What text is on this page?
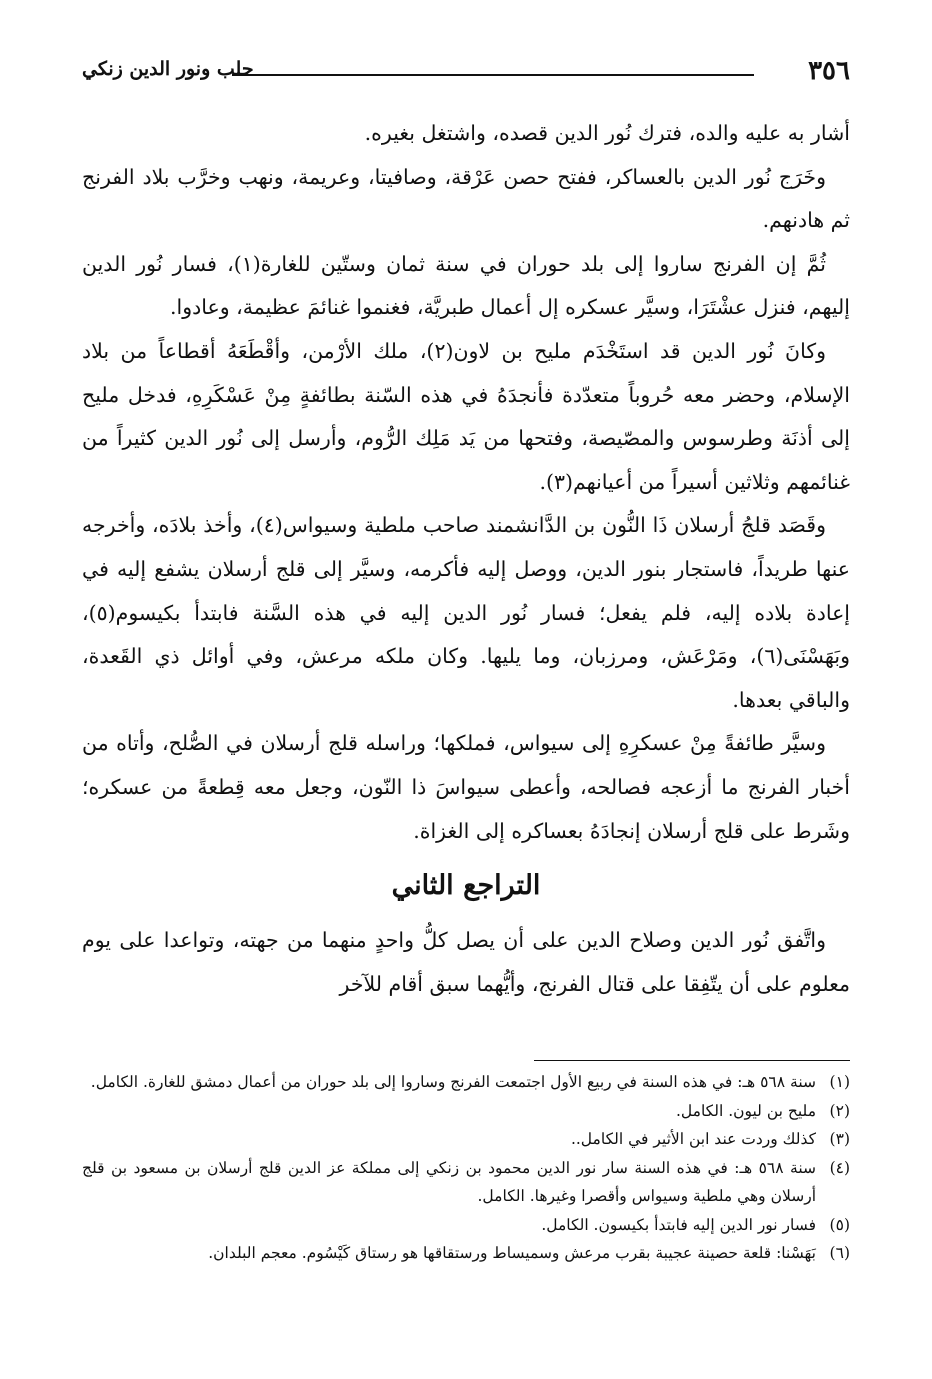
٣٥٦
حلب ونور الدين زنكي

أشار به عليه والده، فترك نُور الدين قصده، واشتغل بغيره.

وخَرَج نُور الدين بالعساكر، ففتح حصن عَرْقة، وصافيتا، وعريمة، ونهب وخرَّب بلاد الفرنج ثم هادنهم.

ثُمَّ إن الفرنج ساروا إلى بلد حوران في سنة ثمان وستّين للغارة(١)، فسار نُور الدين إليهم، فنزل عشْتَرَا، وسيَّر عسكره إل أعمال طبريَّة، فغنموا غنائمَ عظيمة، وعادوا.

وكانَ نُور الدين قد استَخْدَم مليح بن لاون(٢)، ملك الأرْمن، وأقْطَعَهُ أقطاعاً من بلاد الإسلام، وحضر معه حُروباً متعدّدة فأنجدَهُ في هذه السّنة بطائفةٍ مِنْ عَسْكَرِهِ، فدخل مليح إلى أذنَة وطرسوس والمصّيصة، وفتحها من يَد مَلِك الرُّوم، وأرسل إلى نُور الدين كثيراً من غنائمهم وثلاثين أسيراً من أعيانهم(٣).

وقَصَد قلجُ أرسلان ذَا النُّون بن الدَّانشمند صاحب ملطية وسيواس(٤)، وأخذ بلادَه، وأخرجه عنها طريداً، فاستجار بنور الدين، ووصل إليه فأكرمه، وسيَّر إلى قلج أرسلان يشفع إليه في إعادة بلاده إليه، فلم يفعل؛ فسار نُور الدين إليه في هذه السَّنة فابتدأ بكيسوم(٥)، وبَهَسْنَى(٦)، ومَرْعَش، ومرزبان، وما يليها. وكان ملكه مرعش، وفي أوائل ذي القَعدة، والباقي بعدها.

وسيَّر طائفةً مِنْ عسكرِهِ إلى سيواس، فملكها؛ وراسله قلج أرسلان في الصُّلح، وأتاه من أخبار الفرنج ما أزعجه فصالحه، وأعطى سيواسَ ذا النّون، وجعل معه قِطعةً من عسكره؛ وشَرط على قلج أرسلان إنجادَهُ بعساكره إلى الغزاة.

التراجع الثاني

واتَّفق نُور الدين وصلاح الدين على أن يصل كلُّ واحدٍ منهما من جهته، وتواعدا على يوم معلوم على أن يتّفِقا على قتال الفرنج، وأيُّهما سبق أقام للآخر

(١)سنة ٥٦٨ هـ: في هذه السنة في ربيع الأول اجتمعت الفرنج وساروا إلى بلد حوران من أعمال دمشق للغارة. الكامل.

(٢)مليح بن ليون. الكامل.

(٣)كذلك وردت عند ابن الأثير في الكامل..

(٤)سنة ٥٦٨ هـ: في هذه السنة سار نور الدين محمود بن زنكي إلى مملكة عز الدين قلج أرسلان بن مسعود بن قلج أرسلان وهي ملطية وسيواس وأقصرا وغيرها. الكامل.

(٥)فسار نور الدين إليه فابتدأ بكيسون. الكامل.

(٦)بَهَسْنا: قلعة حصينة عجيبة بقرب مرعش وسميساط ورستقاقها هو رستاق كَيْسُوم. معجم البلدان.
